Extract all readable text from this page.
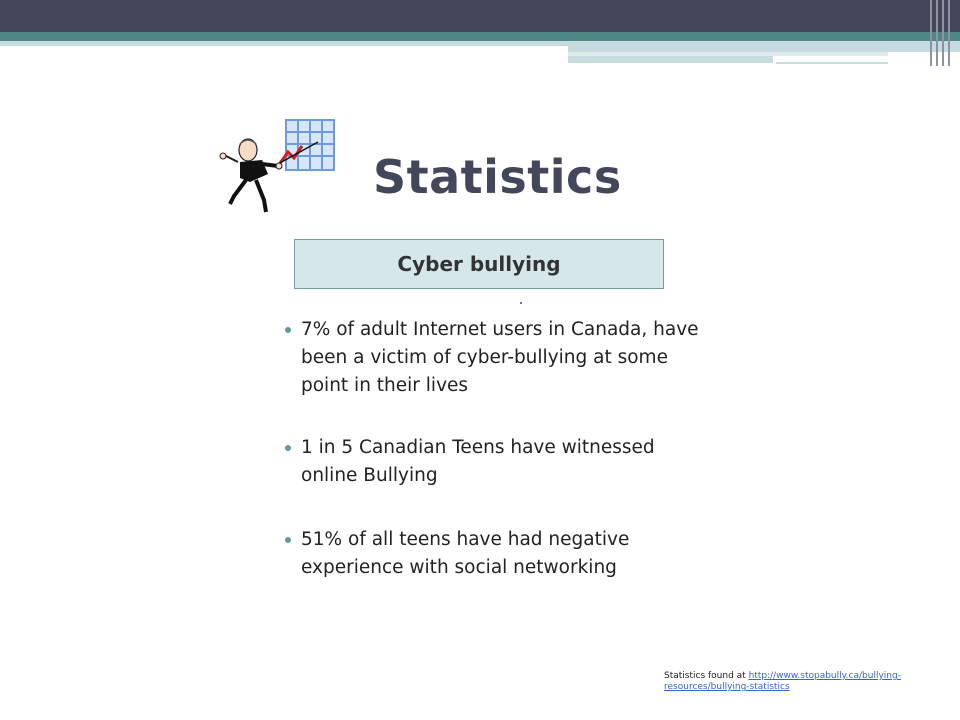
Statistics
Cyber bullying
7% of adult Internet users in Canada, have been a victim of cyber-bullying at some point in their lives
1 in 5 Canadian Teens have witnessed online Bullying
51% of all teens have had negative experience with social networking
Statistics found at http://www.stopabully.ca/bullying-resources/bullying-statistics
